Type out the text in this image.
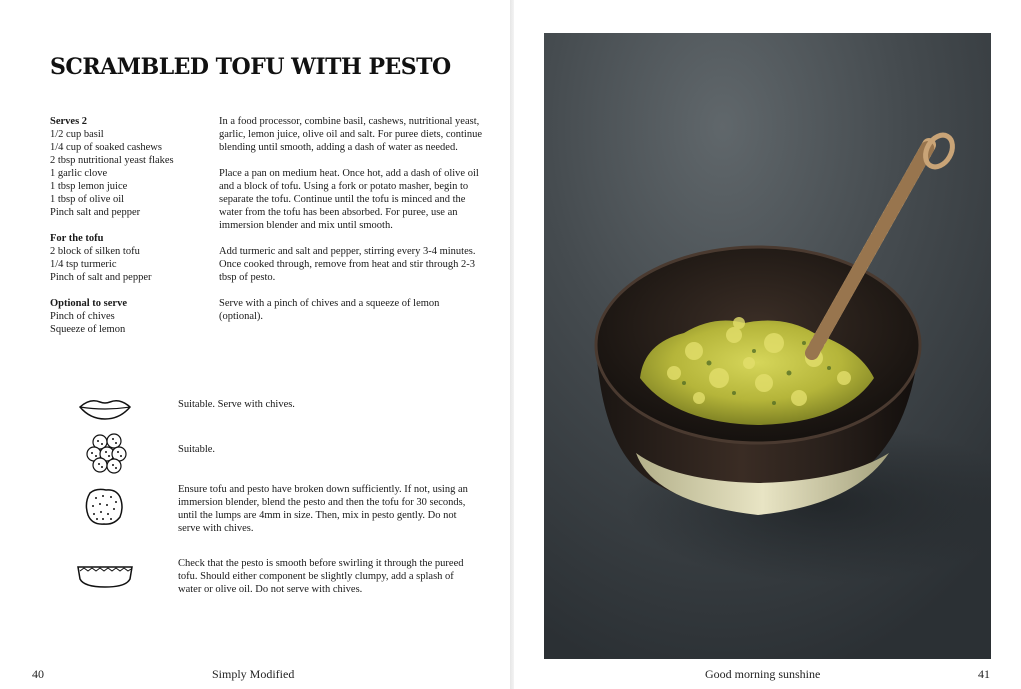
SCRAMBLED TOFU WITH PESTO
Serves 2
1/2 cup basil
1/4 cup of soaked cashews
2 tbsp nutritional yeast flakes
1 garlic clove
1 tbsp lemon juice
1 tbsp of olive oil
Pinch salt and pepper
For the tofu
2 block of silken tofu
1/4 tsp turmeric
Pinch of salt and pepper
Optional to serve
Pinch of chives
Squeeze of lemon

In a food processor, combine basil, cashews, nutritional yeast, garlic, lemon juice, olive oil and salt. For puree diets, continue blending until smooth, adding a dash of water as needed.

Place a pan on medium heat. Once hot, add a dash of olive oil and a block of tofu. Using a fork or potato masher, begin to separate the tofu. Continue until the tofu is minced and the water from the tofu has been absorbed. For puree, use an immersion blender and mix until smooth.

Add turmeric and salt and pepper, stirring every 3-4 minutes. Once cooked through, remove from heat and stir through 2-3 tbsp of pesto.

Serve with a pinch of chives and a squeeze of lemon (optional).

Suitable. Serve with chives.
Suitable.
Ensure tofu and pesto have broken down sufficiently. If not, using an immersion blender, blend the pesto and then the tofu for 30 seconds, until the lumps are 4mm in size. Then, mix in pesto gently. Do not serve with chives.
Check that the pesto is smooth before swirling it through the pureed tofu. Should either component be slightly clumpy, add a splash of water or olive oil. Do not serve with chives.
40	Simply Modified	Good morning sunshine	41
